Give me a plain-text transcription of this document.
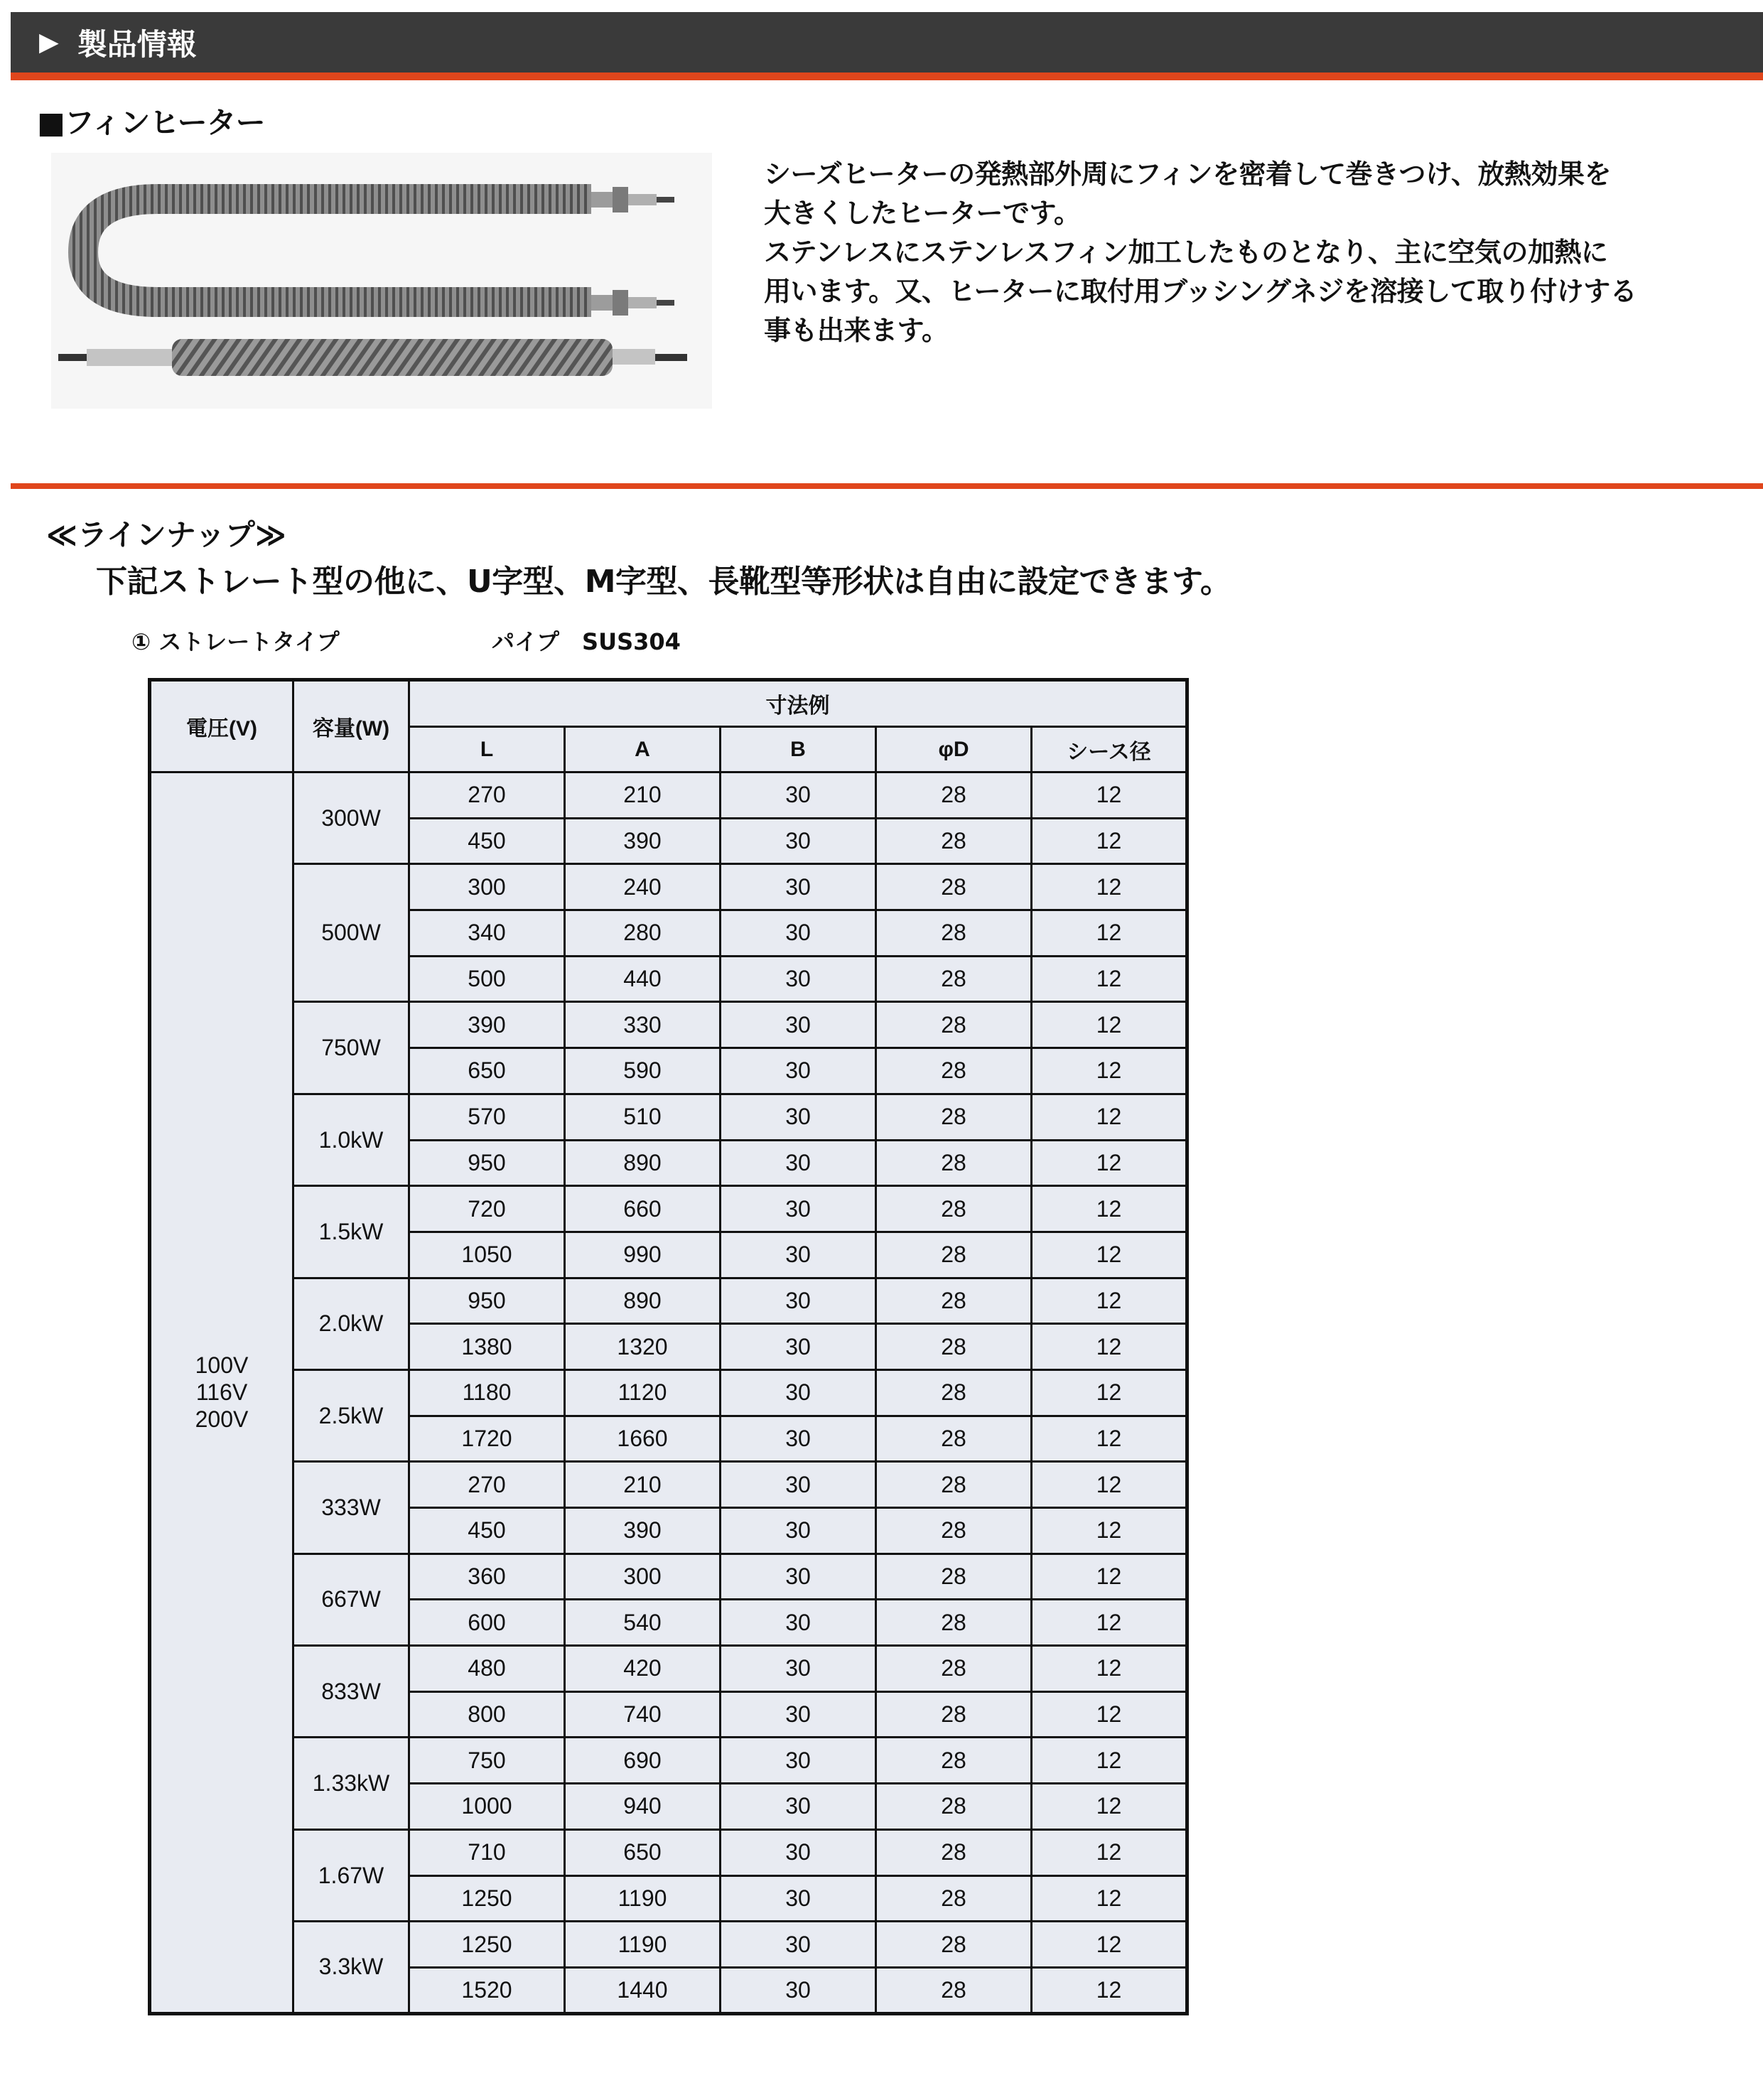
▶ 製品情報
■フィンヒーター
シーズヒーターの発熱部外周にフィンを密着して巻きつけ、放熱効果を
大きくしたヒーターです。
ステンレスにステンレスフィン加工したものとなり、主に空気の加熱に
用います。又、ヒーターに取付用ブッシングネジを溶接して取り付けする
事も出来ます。
≪ラインナップ≫
下記ストレート型の他に、U字型、M字型、長靴型等形状は自由に設定できます。
① ストレートタイプ	パイプ　SUS304
電圧(V)	容量(W)	寸法例				
		L	A	B	φD	シース径

100V
116V
200V	300W	270	210	30	28	12
		450	390	30	28	12
	500W	300	240	30	28	12
		340	280	30	28	12
		500	440	30	28	12
	750W	390	330	30	28	12
		650	590	30	28	12
	1.0kW	570	510	30	28	12
		950	890	30	28	12
	1.5kW	720	660	30	28	12
		1050	990	30	28	12
	2.0kW	950	890	30	28	12
		1380	1320	30	28	12
	2.5kW	1180	1120	30	28	12
		1720	1660	30	28	12
	333W	270	210	30	28	12
		450	390	30	28	12
	667W	360	300	30	28	12
		600	540	30	28	12
	833W	480	420	30	28	12
		800	740	30	28	12
	1.33kW	750	690	30	28	12
		1000	940	30	28	12
	1.67W	710	650	30	28	12
		1250	1190	30	28	12
	3.3kW	1250	1190	30	28	12
		1520	1440	30	28	12
